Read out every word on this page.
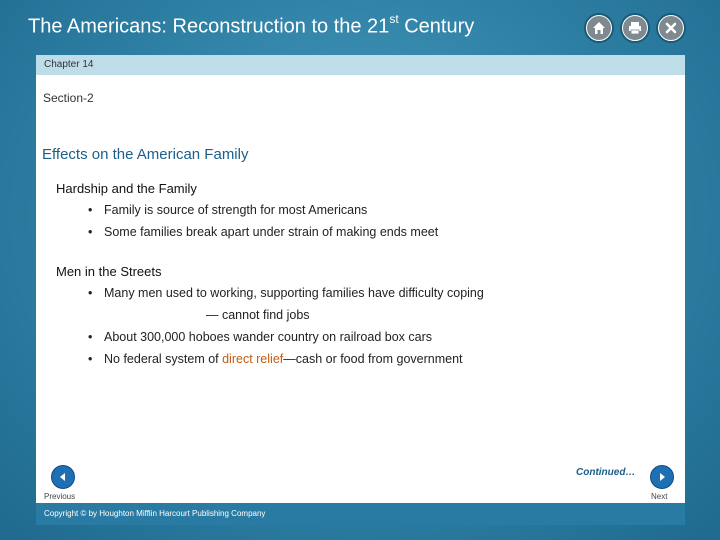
The Americans: Reconstruction to the 21st Century
Chapter 14
Section-2
Effects on the American Family
Hardship and the Family
• Family is source of strength for most Americans
• Some families break apart under strain of making ends meet
Men in the Streets
• Many men used to working, supporting families have difficulty coping
— cannot find jobs
• About 300,000 hoboes wander country on railroad box cars
• No federal system of direct relief—cash or food from government
Continued…
Previous	Next
Copyright © by Houghton Mifflin Harcourt Publishing Company
